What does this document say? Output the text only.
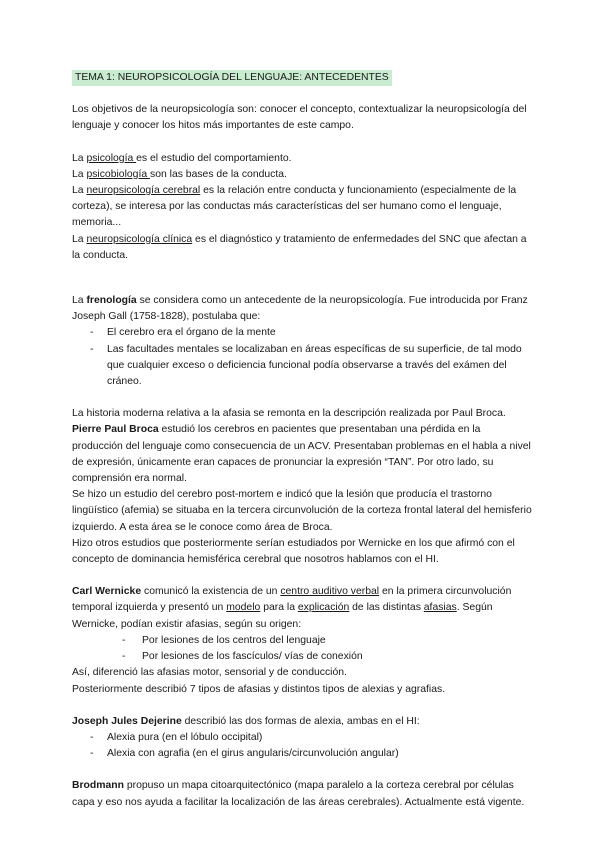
TEMA 1: NEUROPSICOLOGÍA DEL LENGUAJE: ANTECEDENTES

Los objetivos de la neuropsicología son: conocer el concepto, contextualizar la neuropsicología del lenguaje y conocer los hitos más importantes de este campo.

La psicología es el estudio del comportamiento.

La psicobiología son las bases de la conducta.

La neuropsicología cerebral es la relación entre conducta y funcionamiento (especialmente de la corteza), se interesa por las conductas más características del ser humano como el lenguaje, memoria...

La neuropsicología clínica es el diagnóstico y tratamiento de enfermedades del SNC que afectan a la conducta.

La frenología se considera como un antecedente de la neuropsicología. Fue introducida por Franz Joseph Gall (1758-1828), postulaba que:

- El cerebro era el órgano de la mente
- Las facultades mentales se localizaban en áreas específicas de su superficie, de tal modo que cualquier exceso o deficiencia funcional podía observarse a través del exámen del cráneo.

La historia moderna relativa a la afasia se remonta en la descripción realizada por Paul Broca.

Pierre Paul Broca estudió los cerebros en pacientes que presentaban una pérdida en la producción del lenguaje como consecuencia de un ACV. Presentaban problemas en el habla a nivel de expresión, únicamente eran capaces de pronunciar la expresión “TAN”. Por otro lado, su comprensión era normal.

Se hizo un estudio del cerebro post-mortem e indicó que la lesión que producía el trastorno lingüístico (afemia) se situaba en la tercera circunvolución de la corteza frontal lateral del hemisferio izquierdo. A esta área se le conoce como área de Broca.

Hizo otros estudios que posteriormente serían estudiados por Wernicke en los que afirmó con el concepto de dominancia hemisférica cerebral que nosotros hablamos con el HI.

Carl Wernicke comunicó la existencia de un centro auditivo verbal en la primera circunvolución temporal izquierda y presentó un modelo para la explicación de las distintas afasias. Según Wernicke, podían existir afasias, según su origen:

- Por lesiones de los centros del lenguaje
- Por lesiones de los fascículos/ vías de conexión

Así, diferenció las afasias motor, sensorial y de conducción.

Posteriormente describió 7 tipos de afasias y distintos tipos de alexias y agrafias.

Joseph Jules Dejerine describió las dos formas de alexia, ambas en el HI:

- Alexia pura (en el lóbulo occipital)
- Alexia con agrafia (en el girus angularis/circunvolución angular)

Brodmann propuso un mapa citoarquitectónico (mapa paralelo a la corteza cerebral por células capa y eso nos ayuda a facilitar la localización de las áreas cerebrales). Actualmente está vigente.
